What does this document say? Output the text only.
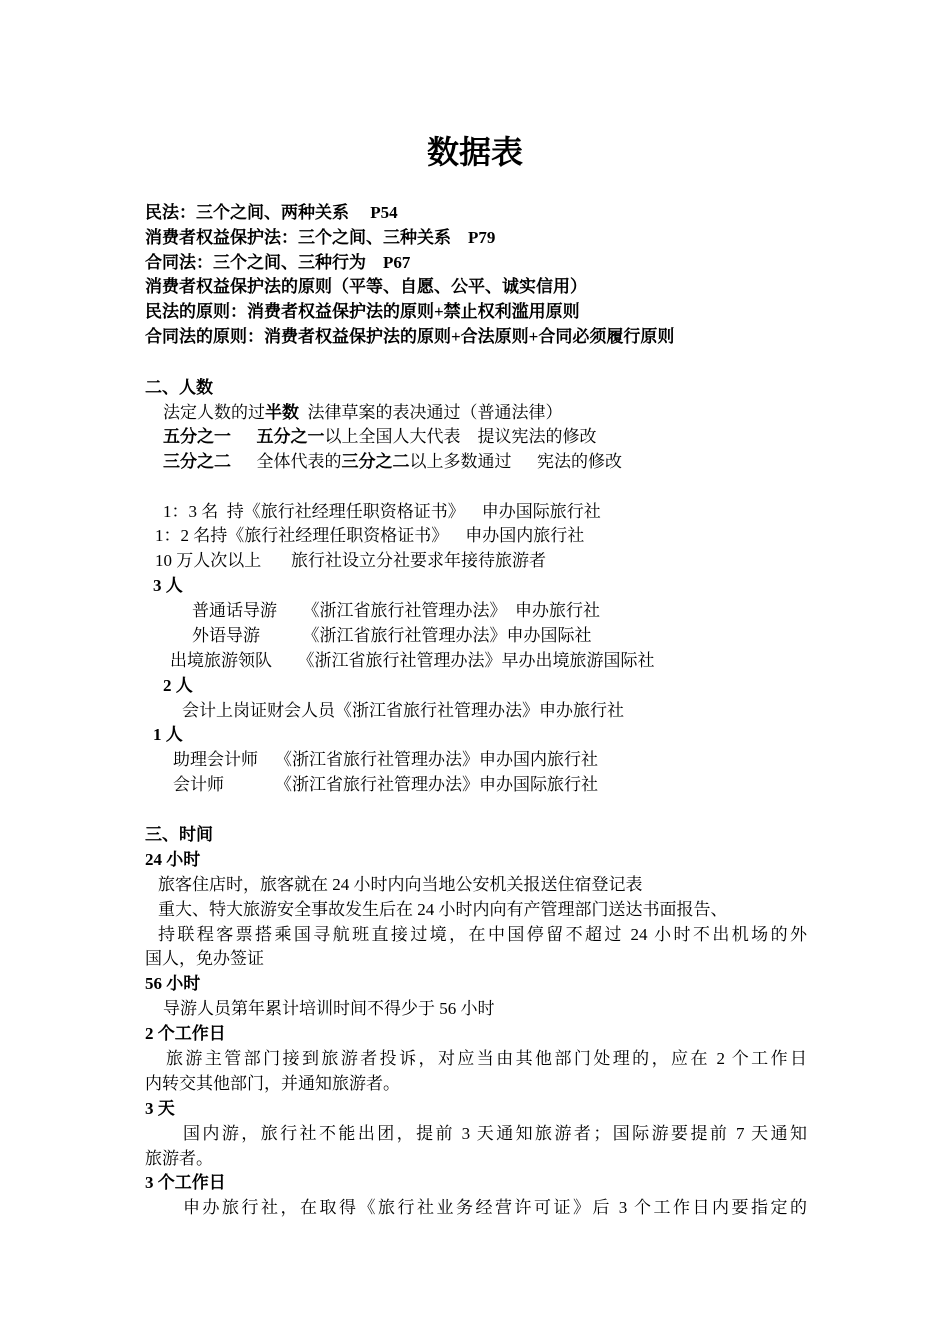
数据表
民法：三个之间、两种关系     P54
消费者权益保护法：三个之间、三种关系    P79
合同法：三个之间、三种行为    P67
消费者权益保护法的原则（平等、自愿、公平、诚实信用）
民法的原则：消费者权益保护法的原则+禁止权利滥用原则
合同法的原则：消费者权益保护法的原则+合法原则+合同必须履行原则
二、人数
法定人数的过半数  法律草案的表决通过（普通法律）
五分之一 五分之一以上全国人大代表    提议宪法的修改
三分之二      全体代表的三分之二以上多数通过      宪法的修改
1：3 名  持《旅行社经理任职资格证书》    申办国际旅行社
1：2 名持《旅行社经理任职资格证书》    申办国内旅行社
10 万人次以上       旅行社设立分社要求年接待旅游者
3 人
普通话导游      《浙江省旅行社管理办法》  申办旅行社
外语导游          《浙江省旅行社管理办法》申办国际社
出境旅游领队      《浙江省旅行社管理办法》早办出境旅游国际社
2 人
会计上岗证财会人员《浙江省旅行社管理办法》申办旅行社
1 人
助理会计师    《浙江省旅行社管理办法》申办国内旅行社
会计师            《浙江省旅行社管理办法》申办国际旅行社
三、时间
24 小时
旅客住店时，旅客就在 24 小时内向当地公安机关报送住宿登记表
重大、特大旅游安全事故发生后在 24 小时内向有产管理部门送达书面报告、
持联程客票搭乘国寻航班直接过境，在中国停留不超过 24 小时不出机场的外
国人，免办签证
56 小时
导游人员第年累计培训时间不得少于 56 小时
2 个工作日
旅游主管部门接到旅游者投诉，对应当由其他部门处理的，应在 2 个工作日
内转交其他部门，并通知旅游者。
3 天
国内游，旅行社不能出团，提前 3 天通知旅游者；国际游要提前 7 天通知
旅游者。
3 个工作日
申办旅行社，在取得《旅行社业务经营许可证》后 3 个工作日内要指定的
